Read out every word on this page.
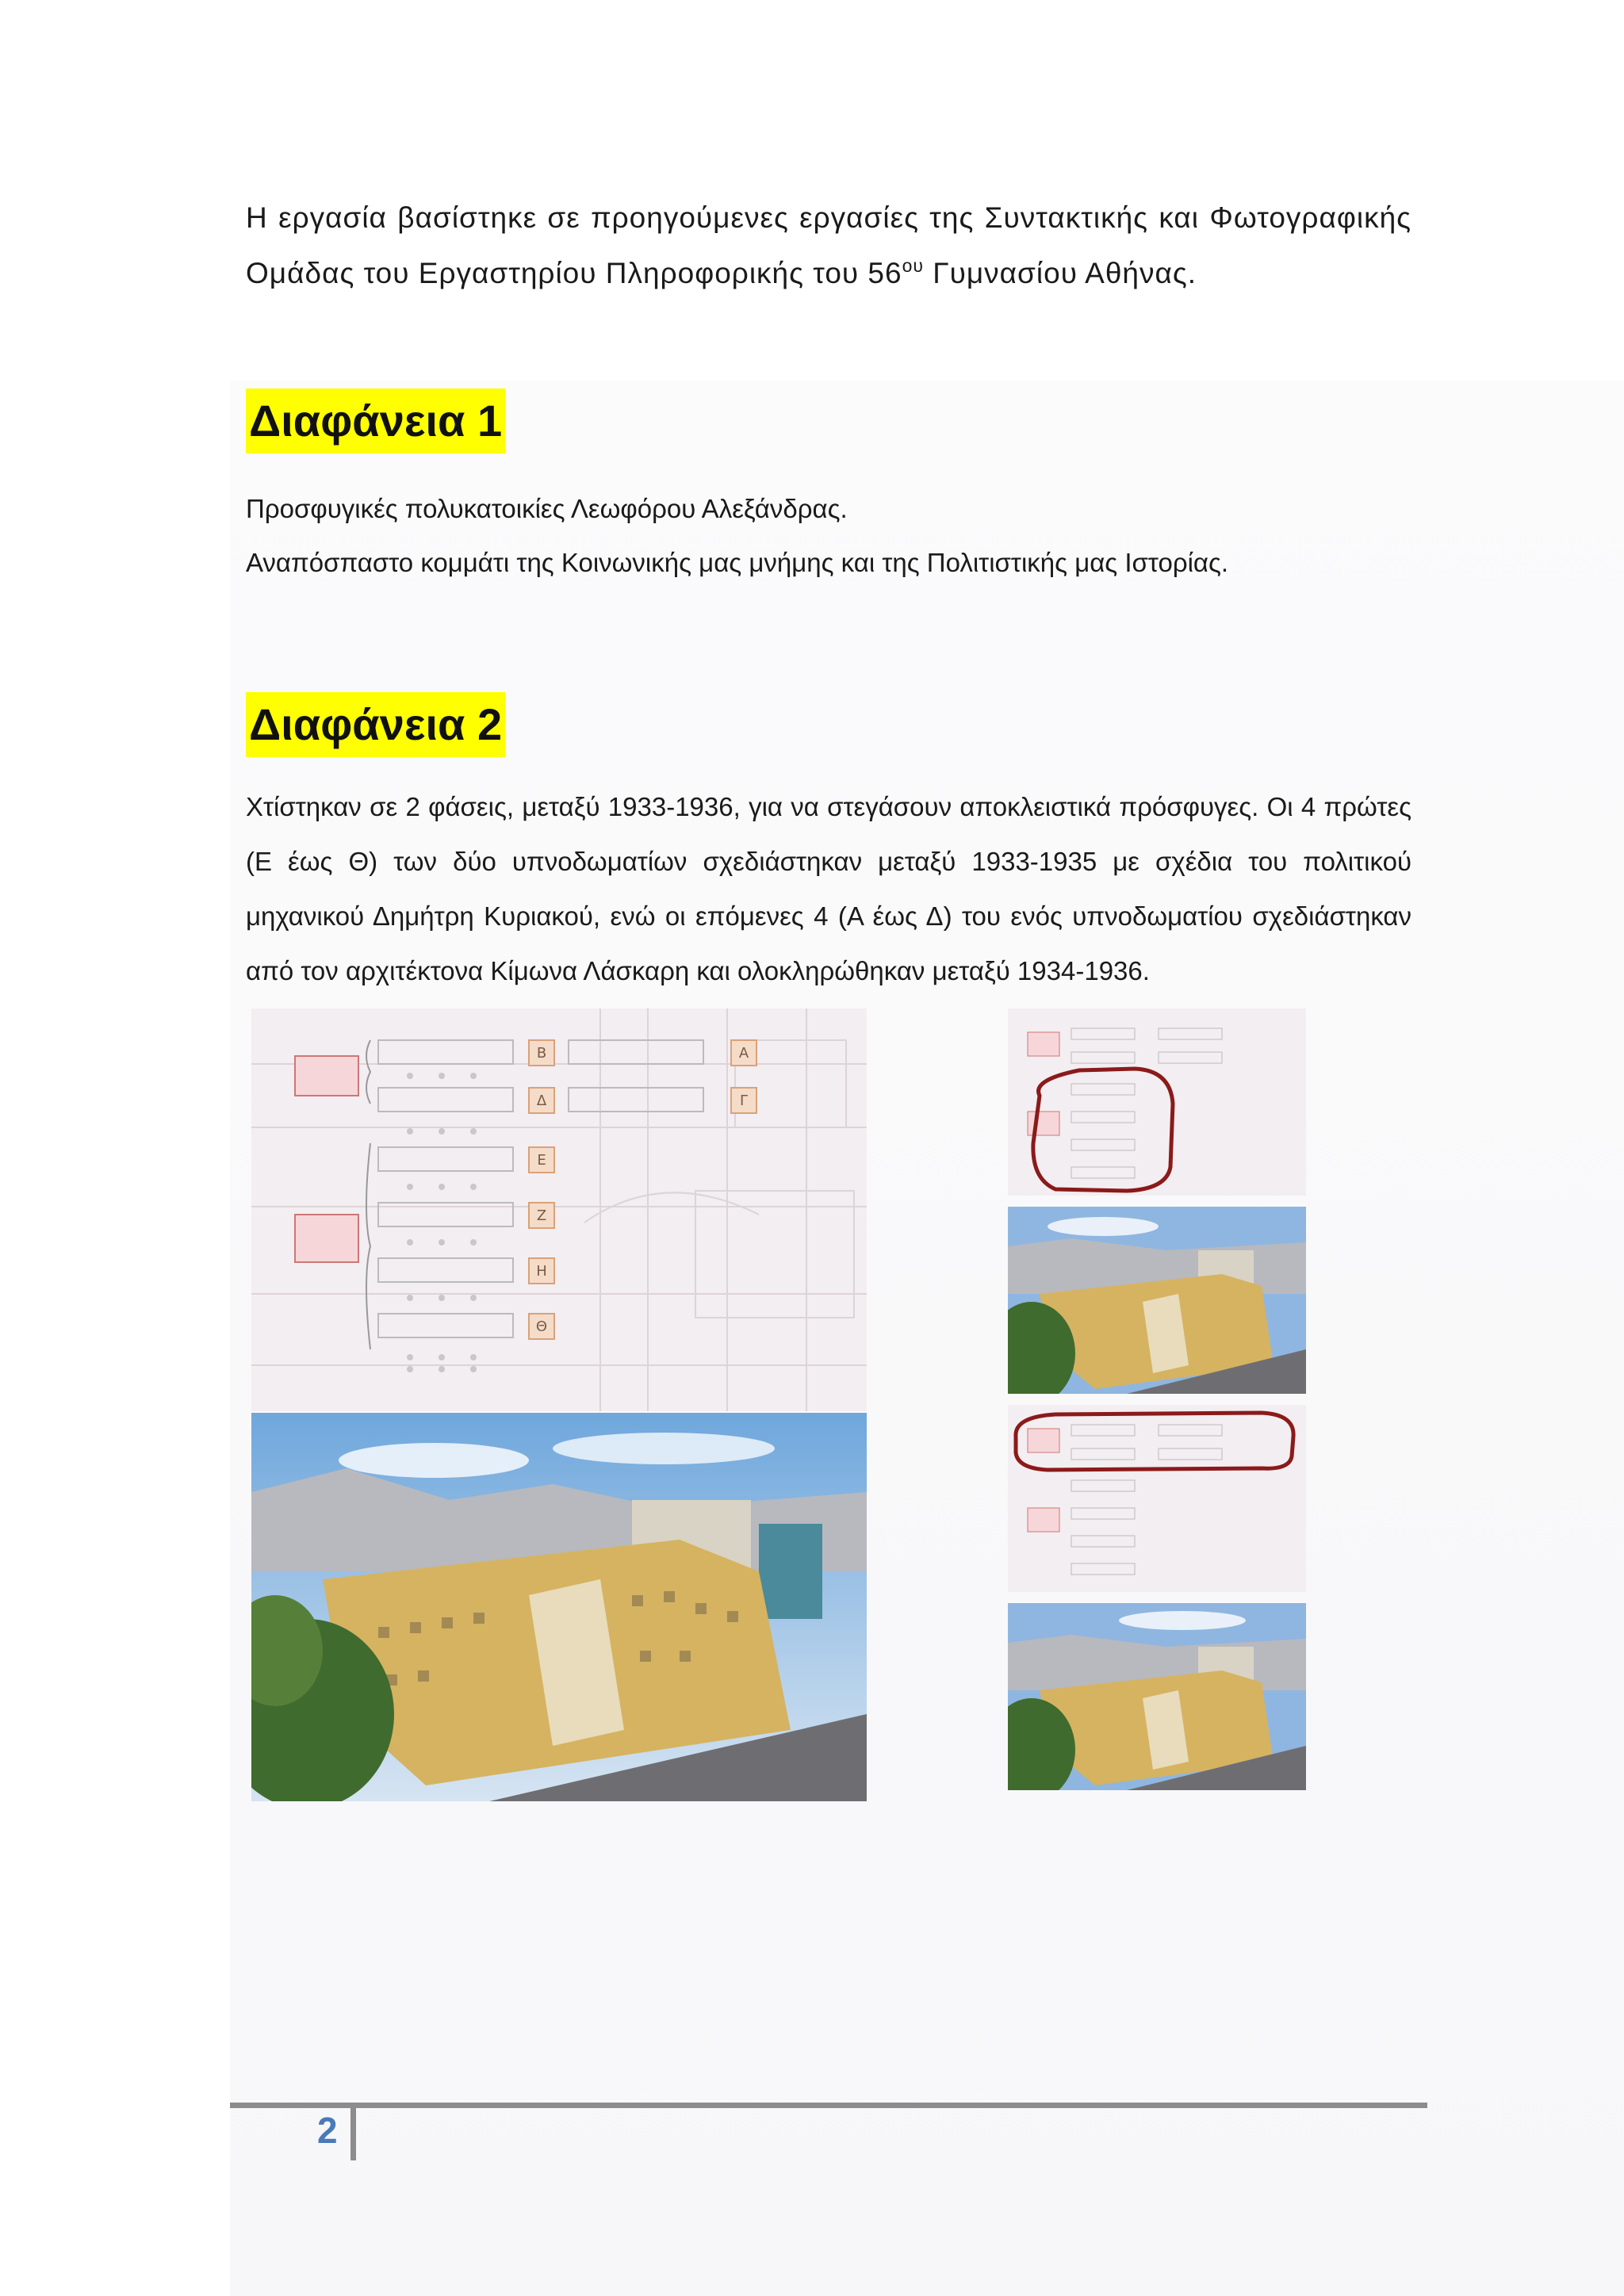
Η εργασία βασίστηκε σε προηγούμενες εργασίες της Συντακτικής και Φωτογραφικής Ομάδας του Εργαστηρίου Πληροφορικής του $56^{o\upsilon}$ Γυμνασίου Αθήνας.

Διαφάνεια 1
Προσφυγικές πολυκατοικίες Λεωφόρου Αλεξάνδρας.
Αναπόσπαστο κομμάτι της Κοινωνικής μας μνήμης και της Πολιτιστικής μας Ιστορίας.
Διαφάνεια 2

Χτίστηκαν σε 2 φάσεις, μεταξύ 1933-1936, για να στεγάσουν αποκλειστικά πρόσφυγες. Οι 4 πρώτες (Ε έως Θ) των δύο υπνοδωματίων σχεδιάστηκαν μεταξύ 1933-1935 με σχέδια του πολιτικού μηχανικού Δημήτρη Κυριακού, ενώ οι επόμενες 4 (Α έως Δ) του ενός υπνοδωματίου σχεδιάστηκαν από τον αρχιτέκτονα Κίμωνα Λάσκαρη και ολοκληρώθηκαν μεταξύ 1934-1936.

Β
Δ
Ε
Ζ
Η
Θ
Α
Γ
2
